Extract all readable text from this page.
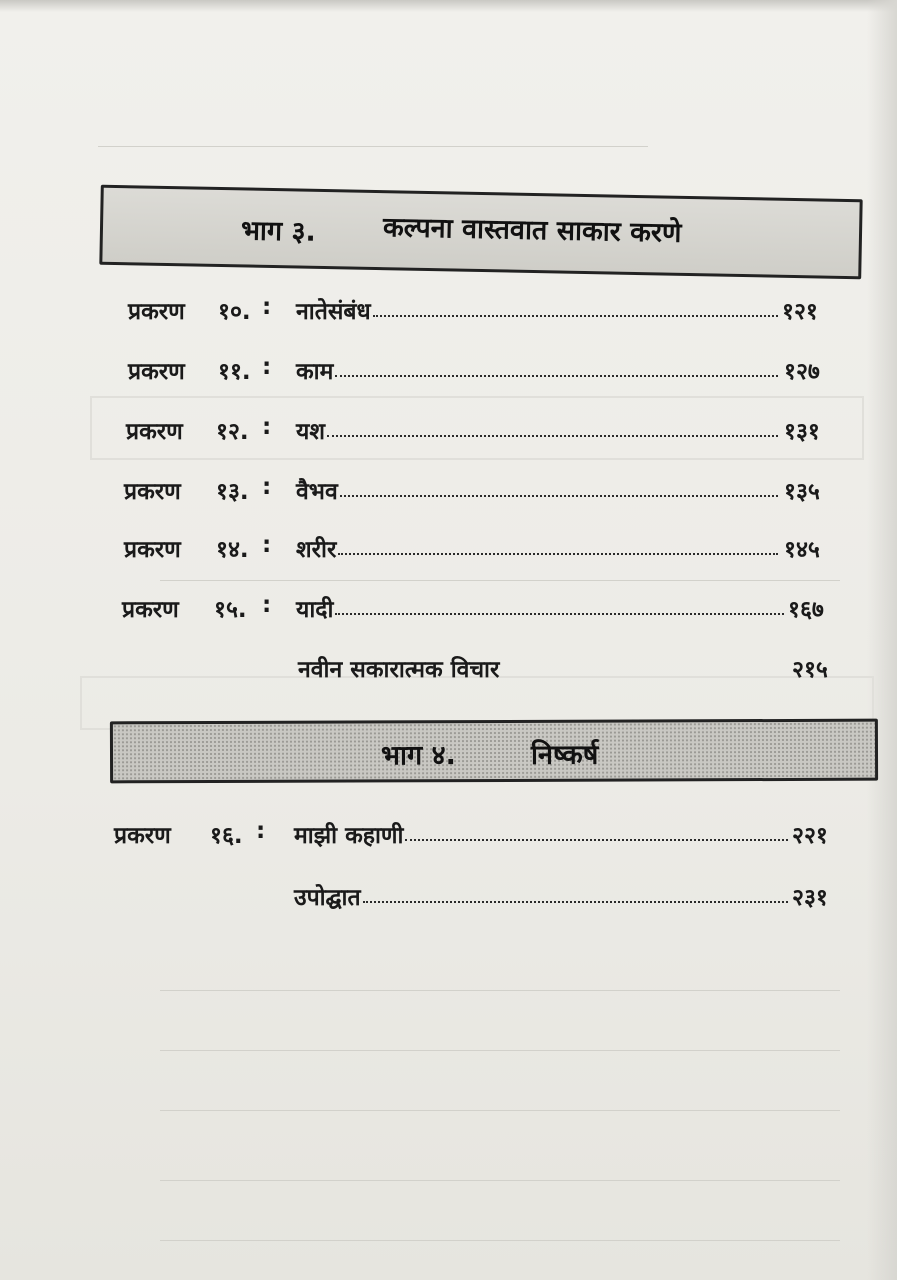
भाग ३. कल्पना वास्तवात साकार करणे
प्रकरण १०. : नातेसंबंध	१२१
प्रकरण ११. : काम	१२७
प्रकरण १२. : यश	१३१
प्रकरण १३. : वैभव	१३५
प्रकरण १४. : शरीर	१४५
प्रकरण १५. : यादी	१६७
नवीन सकारात्मक विचार	२१५
भाग ४.	निष्कर्ष
प्रकरण १६. : माझी कहाणी	२२१
उपोद्घात	२३१
